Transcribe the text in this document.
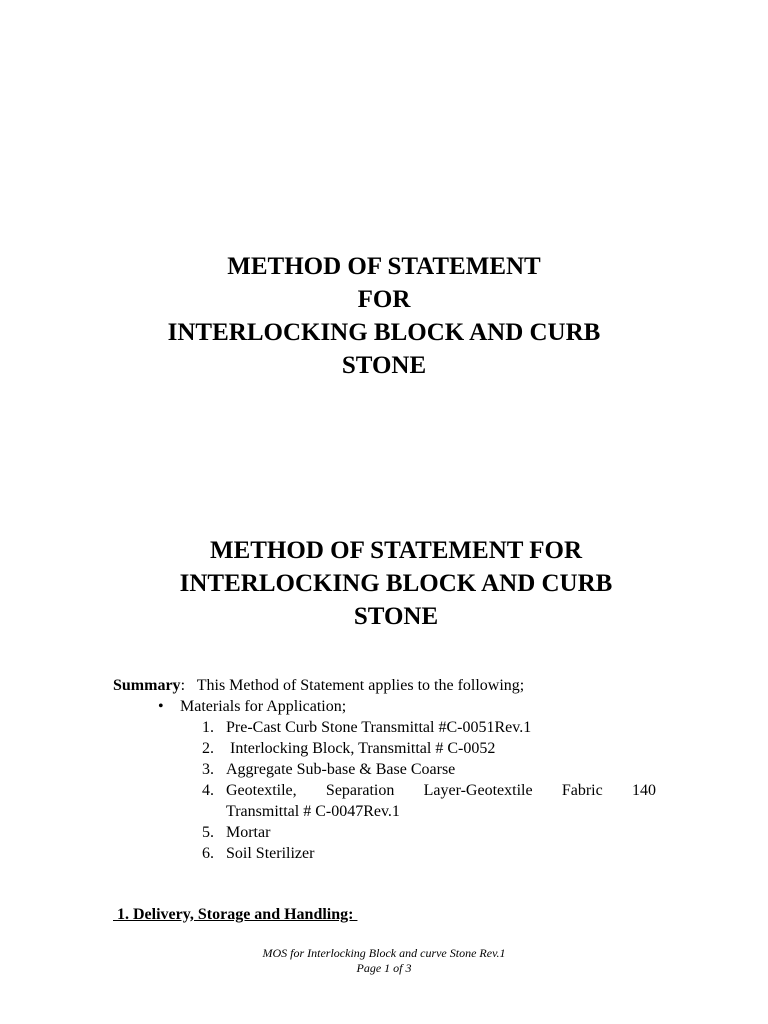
METHOD OF STATEMENT
FOR
INTERLOCKING BLOCK AND CURB
STONE
METHOD OF STATEMENT FOR
INTERLOCKING BLOCK AND CURB
STONE
Summary:   This Method of Statement applies to the following;
• Materials for Application;
1. Pre-Cast Curb Stone Transmittal #C-0051Rev.1
2. Interlocking Block, Transmittal # C-0052
3. Aggregate Sub-base & Base Coarse
4. Geotextile, Separation Layer-Geotextile Fabric 140
Transmittal # C-0047Rev.1
5. Mortar
6. Soil Sterilizer
1. Delivery, Storage and Handling:
MOS for Interlocking Block and curve Stone Rev.1
Page 1 of 3
